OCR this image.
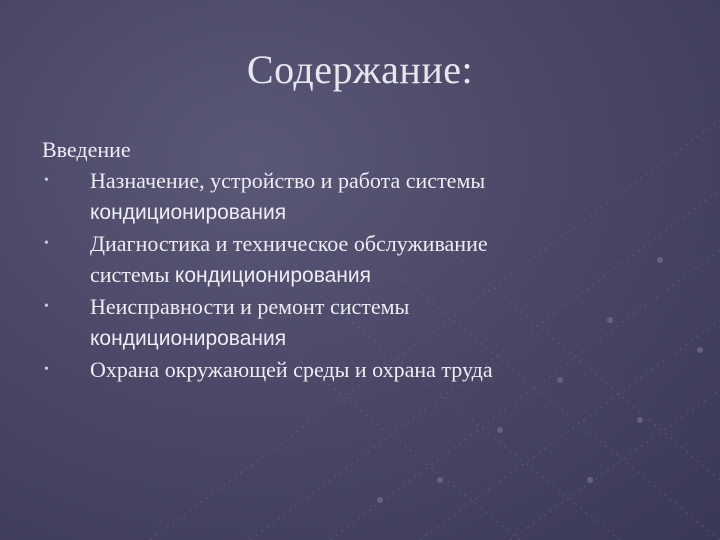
Содержание:

Введение

• Назначение, устройство и работа системы
кондиционирования
• Диагностика и техническое обслуживание
системы кондиционирования
• Неисправности и ремонт системы
кондиционирования
• Охрана окружающей среды и охрана труда
